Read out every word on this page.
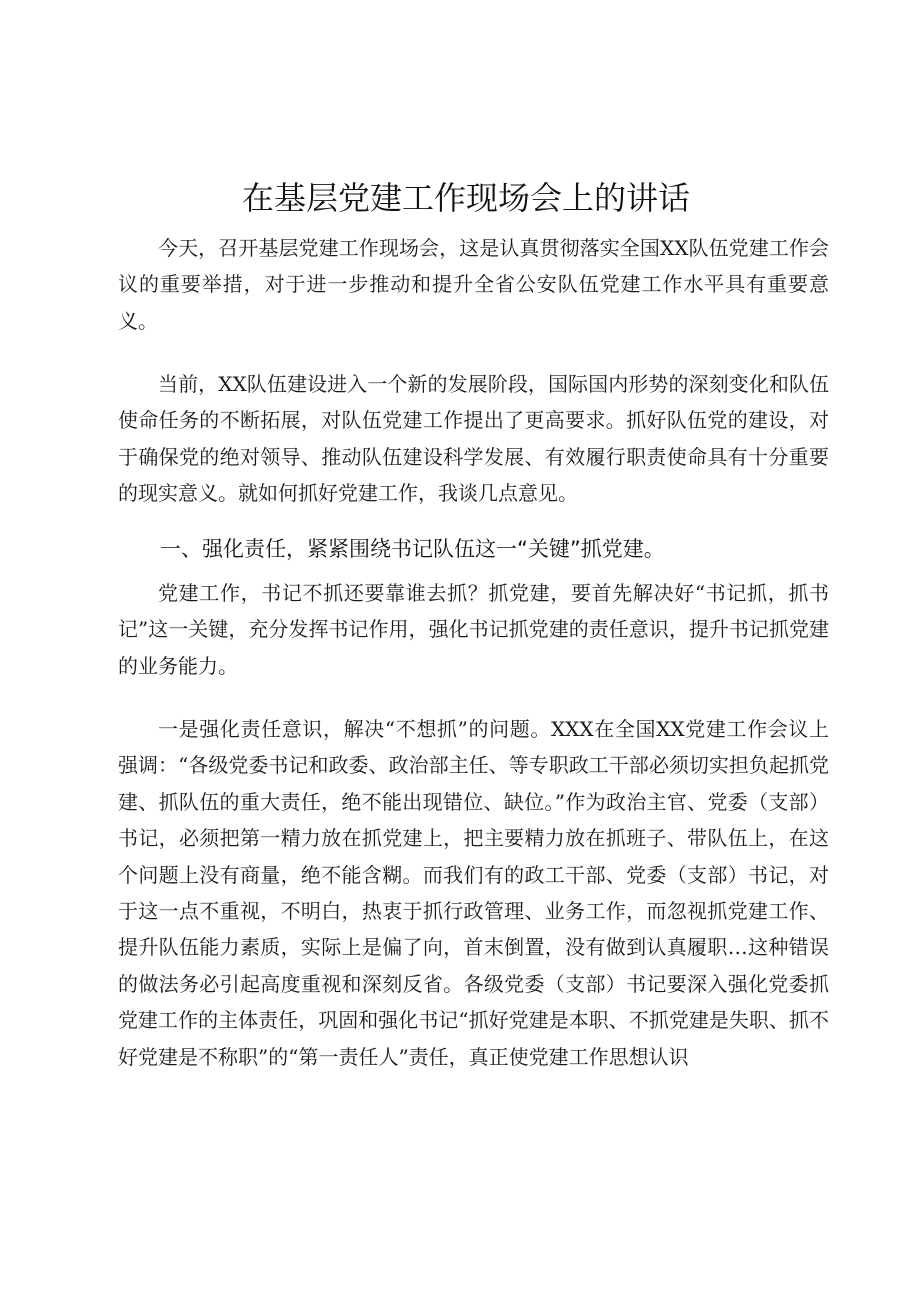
在基层党建工作现场会上的讲话

今天，召开基层党建工作现场会，这是认真贯彻落实全国XX队伍党建工作会议的重要举措，对于进一步推动和提升全省公安队伍党建工作水平具有重要意义。

当前，XX队伍建设进入一个新的发展阶段，国际国内形势的深刻变化和队伍使命任务的不断拓展，对队伍党建工作提出了更高要求。抓好队伍党的建设，对于确保党的绝对领导、推动队伍建设科学发展、有效履行职责使命具有十分重要的现实意义。就如何抓好党建工作，我谈几点意见。

一、强化责任，紧紧围绕书记队伍这一“关键”抓党建。

党建工作，书记不抓还要靠谁去抓？抓党建，要首先解决好“书记抓，抓书记”这一关键，充分发挥书记作用，强化书记抓党建的责任意识，提升书记抓党建的业务能力。

一是强化责任意识，解决“不想抓”的问题。XXX在全国XX党建工作会议上强调：“各级党委书记和政委、政治部主任、等专职政工干部必须切实担负起抓党建、抓队伍的重大责任，绝不能出现错位、缺位。”作为政治主官、党委（支部）书记，必须把第一精力放在抓党建上，把主要精力放在抓班子、带队伍上，在这个问题上没有商量，绝不能含糊。而我们有的政工干部、党委（支部）书记，对于这一点不重视，不明白，热衷于抓行政管理、业务工作，而忽视抓党建工作、提升队伍能力素质，实际上是偏了向，首末倒置，没有做到认真履职…这种错误的做法务必引起高度重视和深刻反省。各级党委（支部）书记要深入强化党委抓党建工作的主体责任，巩固和强化书记“抓好党建是本职、不抓党建是失职、抓不好党建是不称职”的“第一责任人”责任，真正使党建工作思想认识
